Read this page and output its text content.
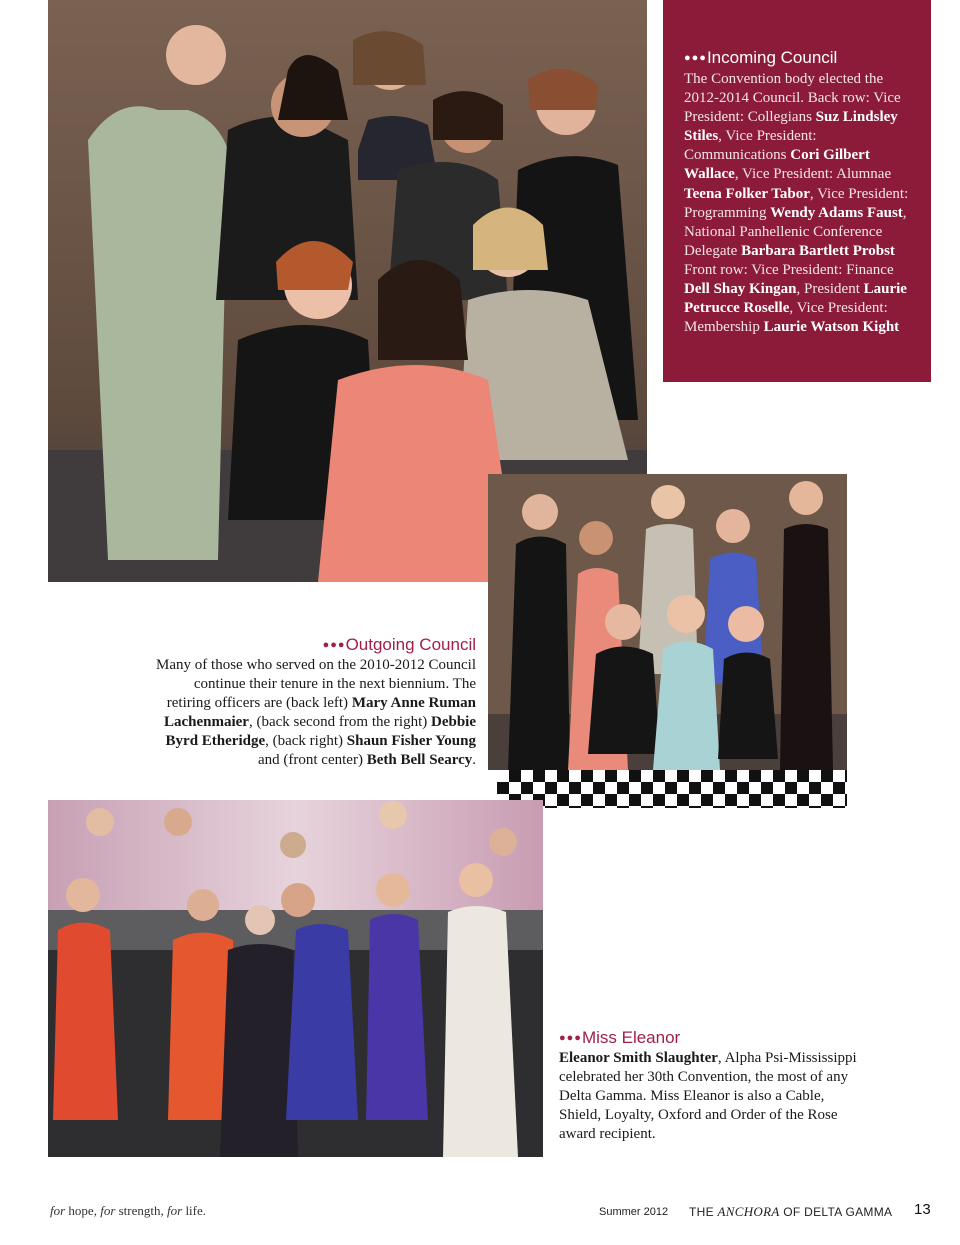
●●●Incoming Council

The Convention body elected the 2012-2014 Council. Back row: Vice President: Collegians Suz Lindsley Stiles, Vice President: Communications Cori Gilbert Wallace, Vice President: Alumnae Teena Folker Tabor, Vice President: Programming Wendy Adams Faust, National Panhellenic Conference Delegate Barbara Bartlett Probst Front row: Vice President: Finance Dell Shay Kingan, President Laurie Petrucce Roselle, Vice President: Membership Laurie Watson Kight

●●●Outgoing Council

Many of those who served on the 2010-2012 Council continue their tenure in the next biennium. The retiring officers are (back left) Mary Anne Ruman Lachenmaier, (back second from the right) Debbie Byrd Etheridge, (back right) Shaun Fisher Young and (front center) Beth Bell Searcy.

●●●Miss Eleanor

Eleanor Smith Slaughter, Alpha Psi-Mississippi celebrated her 30th Convention, the most of any Delta Gamma. Miss Eleanor is also a Cable, Shield, Loyalty, Oxford and Order of the Rose award recipient.

for hope, for strength, for life.	Summer 2012 THE ANCHORA OF DELTA GAMMA 13
